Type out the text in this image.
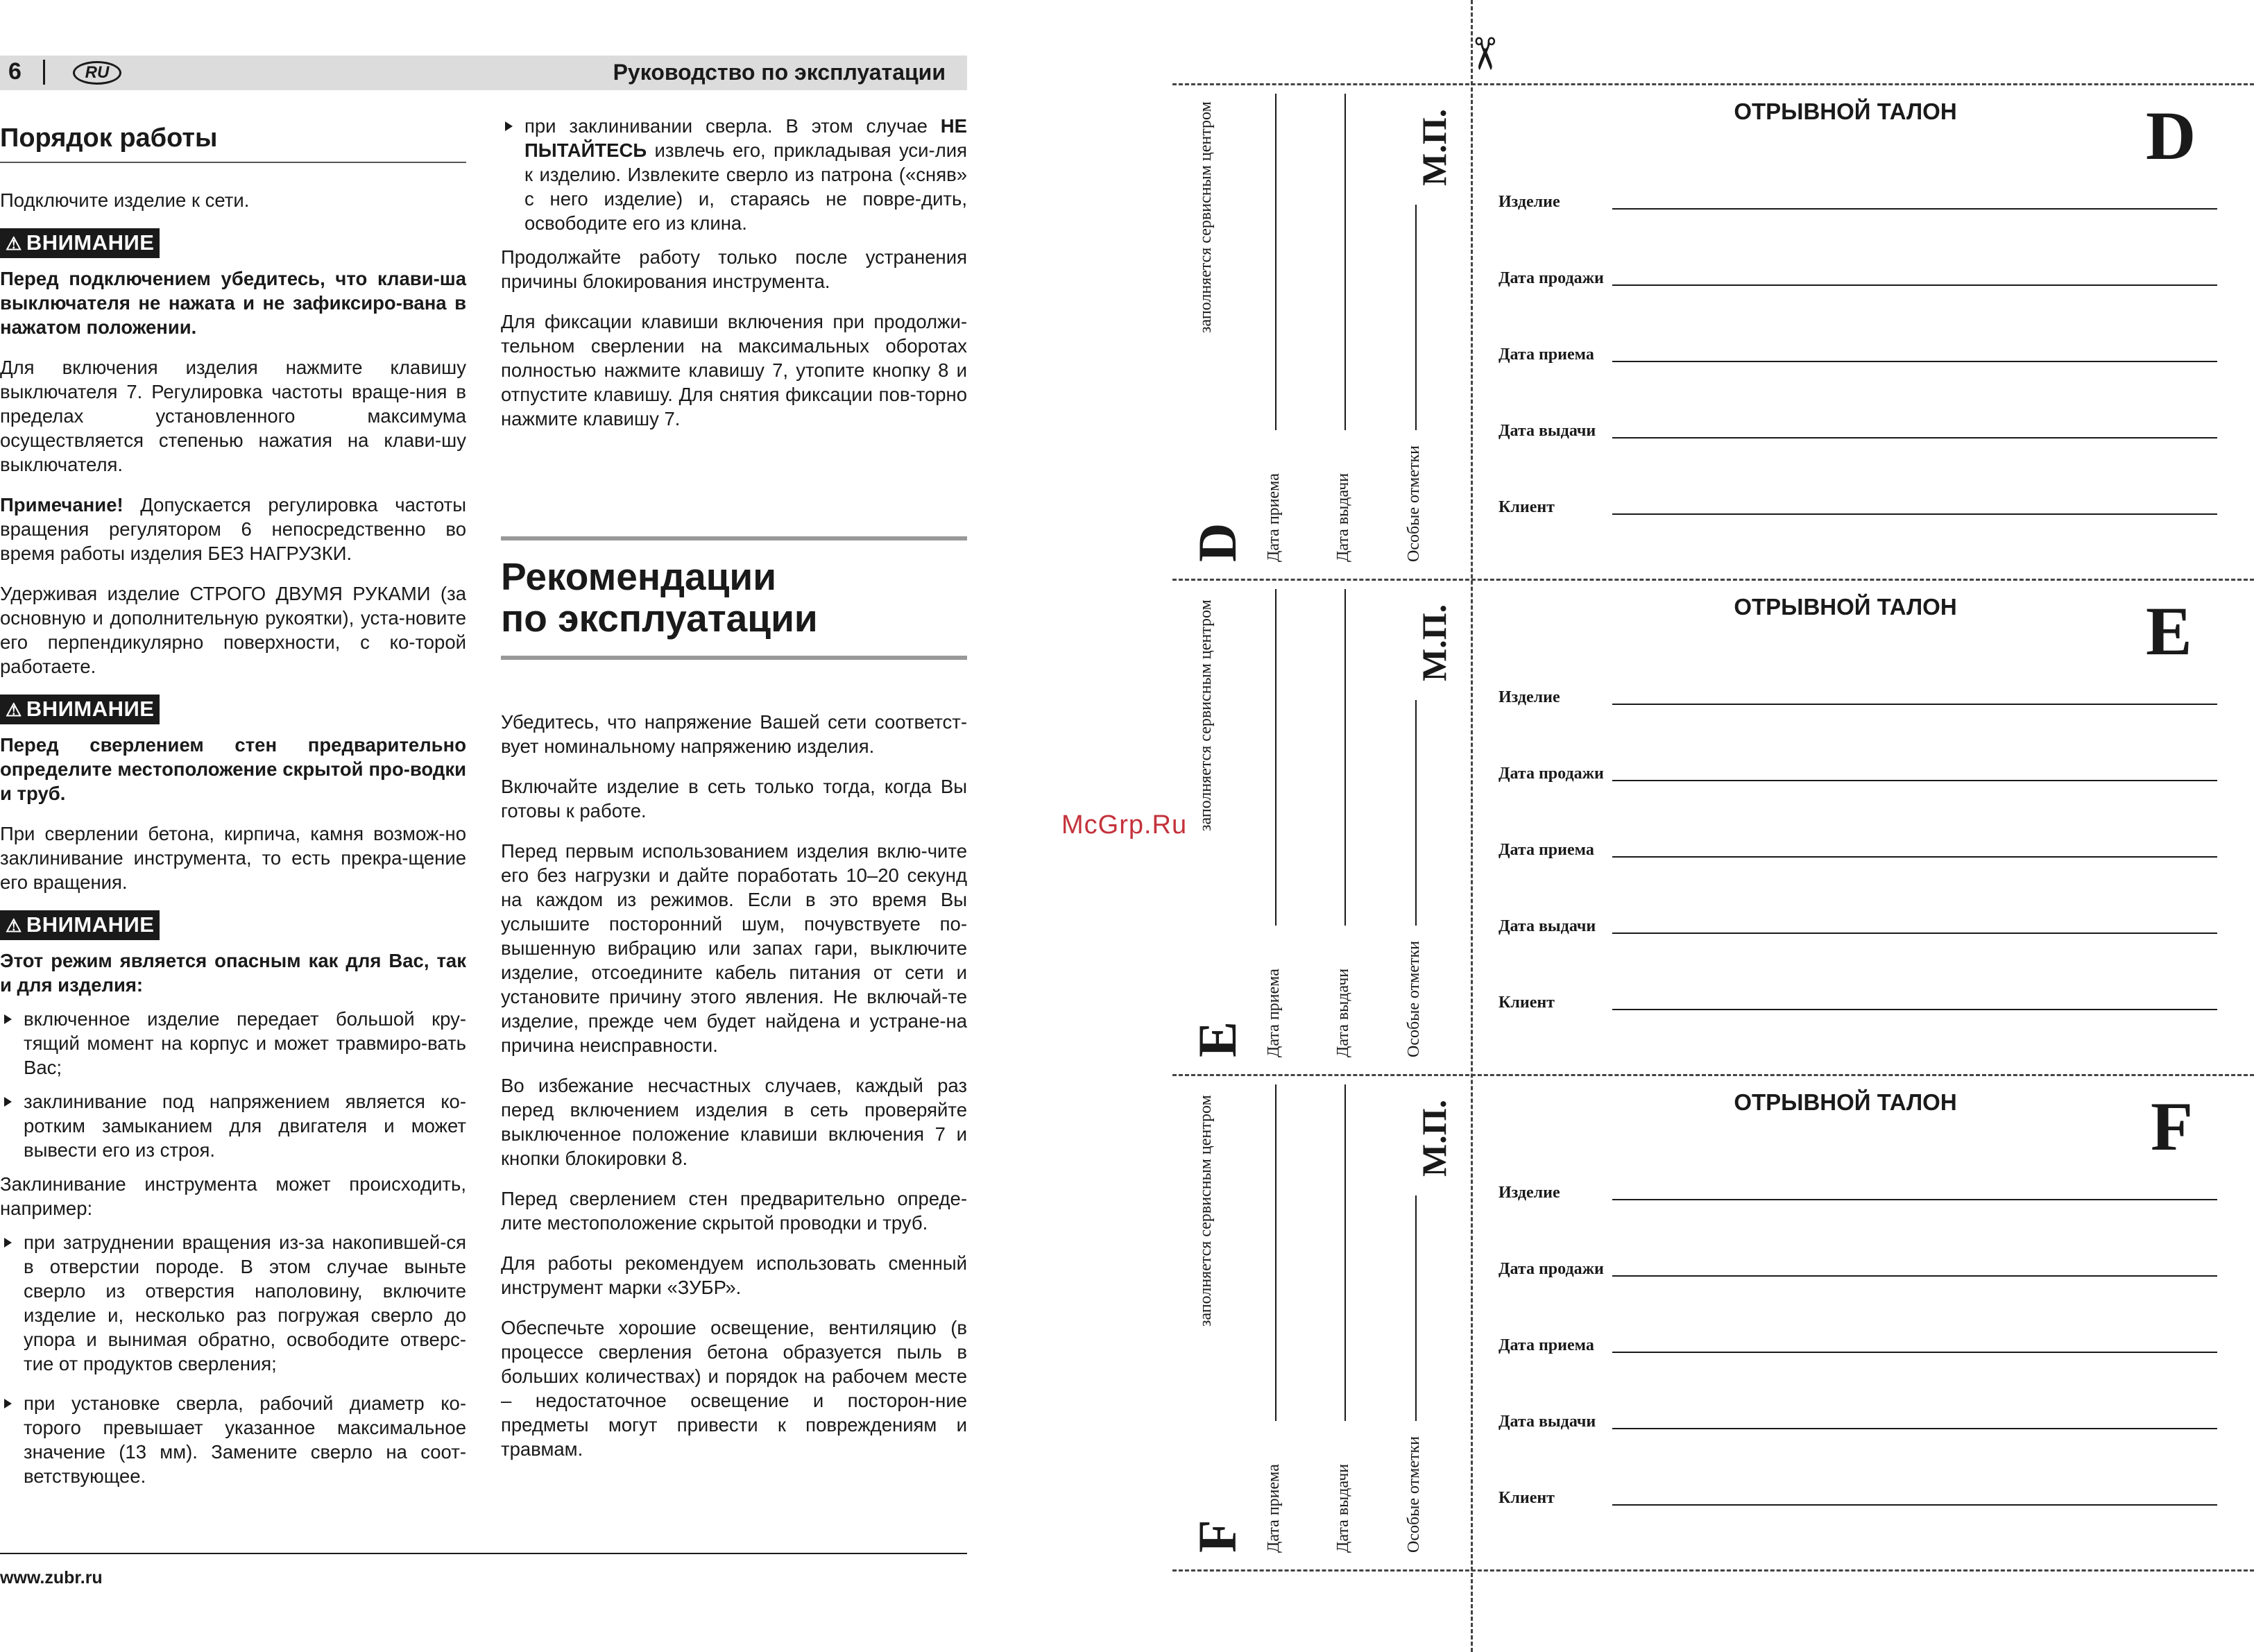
6	RU	Руководство по эксплуатации
Порядок работы

Подключите изделие к сети.

⚠ ВНИМАНИЕ

Перед подключением убедитесь, что клави-ша выключателя не нажата и не зафиксиро-вана в нажатом положении.

Для включения изделия нажмите клавишу выключателя 7. Регулировка частоты враще-ния в пределах установленного максимума осуществляется степенью нажатия на клави-шу выключателя.

Примечание! Допускается регулировка частоты вращения регулятором 6 непосредственно во время работы изделия БЕЗ НАГРУЗКИ.

Удерживая изделие СТРОГО ДВУМЯ РУКАМИ (за основную и дополнительную рукоятки), уста-новите его перпендикулярно поверхности, с ко-торой работаете.

⚠ ВНИМАНИЕ

Перед сверлением стен предварительно определите местоположение скрытой про-водки и труб.

При сверлении бетона, кирпича, камня возмож-но заклинивание инструмента, то есть прекра-щение его вращения.

⚠ ВНИМАНИЕ

Этот режим является опасным как для Вас, так и для изделия:

включенное изделие передает большой кру-тящий момент на корпус и может травмиро-вать Вас;
заклинивание под напряжением является ко-ротким замыканием для двигателя и может вывести его из строя.

Заклинивание инструмента может происходить, например:

при затруднении вращения из-за накопившей-ся в отверстии породе. В этом случае выньте сверло из отверстия наполовину, включите изделие и, несколько раз погружая сверло до упора и вынимая обратно, освободите отверс-тие от продуктов сверления;
при установке сверла, рабочий диаметр ко-торого превышает указанное максимальное значение (13 мм). Замените сверло на соот-ветствующее.
при заклинивании сверла. В этом случае НЕ ПЫТАЙТЕСЬ извлечь его, прикладывая уси-лия к изделию. Извлеките сверло из патрона («сняв» с него изделие) и, стараясь не повре-дить, освободите его из клина.

Продолжайте работу только после устранения причины блокирования инструмента.

Для фиксации клавиши включения при продолжи-тельном сверлении на максимальных оборотах полностью нажмите клавишу 7, утопите кнопку 8 и отпустите клавишу. Для снятия фиксации пов-торно нажмите клавишу 7.

Рекомендации
по эксплуатации

Убедитесь, что напряжение Вашей сети соответст-вует номинальному напряжению изделия.

Включайте изделие в сеть только тогда, когда Вы готовы к работе.

Перед первым использованием изделия вклю-чите его без нагрузки и дайте поработать 10–20 секунд на каждом из режимов. Если в это время Вы услышите посторонний шум, почувствуете по-вышенную вибрацию или запах гари, выключите изделие, отсоедините кабель питания от сети и установите причину этого явления. Не включай-те изделие, прежде чем будет найдена и устране-на причина неисправности.

Во избежание несчастных случаев, каждый раз перед включением изделия в сеть проверяйте выключенное положение клавиши включения 7 и кнопки блокировки 8.

Перед сверлением стен предварительно опреде-лите местоположение скрытой проводки и труб.

Для работы рекомендуем использовать сменный инструмент марки «ЗУБР».

Обеспечьте хорошие освещение, вентиляцию (в процессе сверления бетона образуется пыль в больших количествах) и порядок на рабочем месте – недостаточное освещение и посторон-ние предметы могут привести к повреждениям и травмам.

www.zubr.ru
McGrp.Ru
✂
заполняется сервисным центром
D Дата приема	Дата выдачи
М.П.
Особые отметки
ОТРЫВНОЙ ТАЛОН	D
Изделие
Дата продажи
Дата приема
Дата выдачи
Клиент
заполняется сервисным центром
E Дата приема	Дата выдачи
М.П.
Особые отметки
ОТРЫВНОЙ ТАЛОН	E
Изделие
Дата продажи
Дата приема
Дата выдачи
Клиент
заполняется сервисным центром
F Дата приема	Дата выдачи
М.П.
Особые отметки
ОТРЫВНОЙ ТАЛОН	F
Изделие
Дата продажи
Дата приема
Дата выдачи
Клиент
